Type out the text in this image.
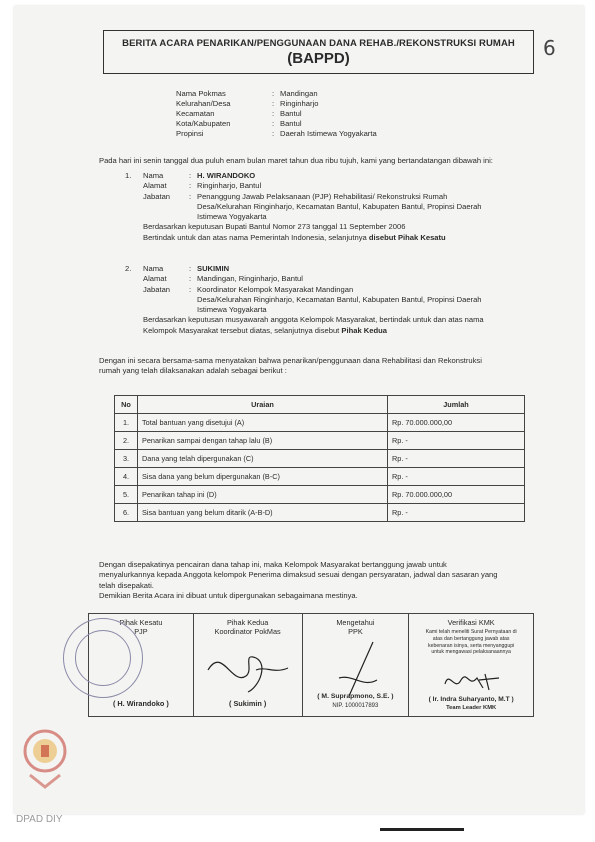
BERITA ACARA PENARIKAN/PENGGUNAAN DANA REHAB./REKONSTRUKSI RUMAH
(BAPPD)	6
Nama Pokmas	: Mandingan
Kelurahan/Desa	: Ringinharjo
Kecamatan	: Bantul
Kota/Kabupaten	: Bantul
Propinsi	: Daerah Istimewa Yogyakarta
Pada hari ini senin tanggal dua puluh enam bulan maret tahun dua ribu tujuh, kami yang bertandatangan dibawah ini:
1.	Nama	: H. WIRANDOKO
Alamat	: Ringinharjo, Bantul
Jabatan	: Penanggung Jawab Pelaksanaan (PJP) Rehabilitasi/ Rekonstruksi Rumah
Desa/Kelurahan Ringinharjo, Kecamatan Bantul, Kabupaten Bantul, Propinsi Daerah
Istimewa Yogyakarta
Berdasarkan keputusan Bupati Bantul Nomor 273 tanggal 11 September 2006
Bertindak untuk dan atas nama Pemerintah Indonesia, selanjutnya disebut Pihak Kesatu
2.	Nama	: SUKIMIN
Alamat	: Mandingan, Ringinharjo, Bantul
Jabatan	: Koordinator Kelompok Masyarakat Mandingan
Desa/Kelurahan Ringinharjo, Kecamatan Bantul, Kabupaten Bantul, Propinsi Daerah
Istimewa Yogyakarta
Berdasarkan keputusan musyawarah anggota Kelompok Masyarakat, bertindak untuk dan atas nama
Kelompok Masyarakat tersebut diatas, selanjutnya disebut Pihak Kedua
Dengan ini secara bersama-sama menyatakan bahwa penarikan/penggunaan dana Rehabilitasi dan Rekonstruksi
rumah yang telah dilaksanakan adalah sebagai berikut :
No	Uraian	Jumlah
1.	Total bantuan yang disetujui (A)	Rp. 70.000.000,00
2.	Penarikan sampai dengan tahap lalu (B)	Rp. -
3.	Dana yang telah dipergunakan (C)	Rp. -
4.	Sisa dana yang belum dipergunakan (B-C)	Rp. -
5.	Penarikan tahap ini (D)	Rp. 70.000.000,00
6.	Sisa bantuan yang belum ditarik (A-B-D)	Rp. -
Dengan disepakatinya pencairan dana tahap ini, maka Kelompok Masyarakat bertanggung jawab untuk
menyalurkannya kepada Anggota kelompok Penerima dimaksud sesuai dengan persyaratan, jadwal dan sasaran yang
telah disepakati.
Demikian Berita Acara ini dibuat untuk dipergunakan sebagaimana mestinya.
Pihak Kesatu
PJP
( H. Wirandoko )
Pihak Kedua
Koordinator PokMas
( Sukimin )
Mengetahui
PPK
( M. Suprapmono, S.E. )
NIP. 1000017893
Verifikasi KMK
Kami telah meneliti Surat Pernyataan di
atas dan bertanggung jawab atas
kebenaran isinya, serta menyanggupi
untuk mengawasi pelaksanaannya
( Ir. Indra Suharyanto, M.T )
Team Leader KMK
DPAD DIY
